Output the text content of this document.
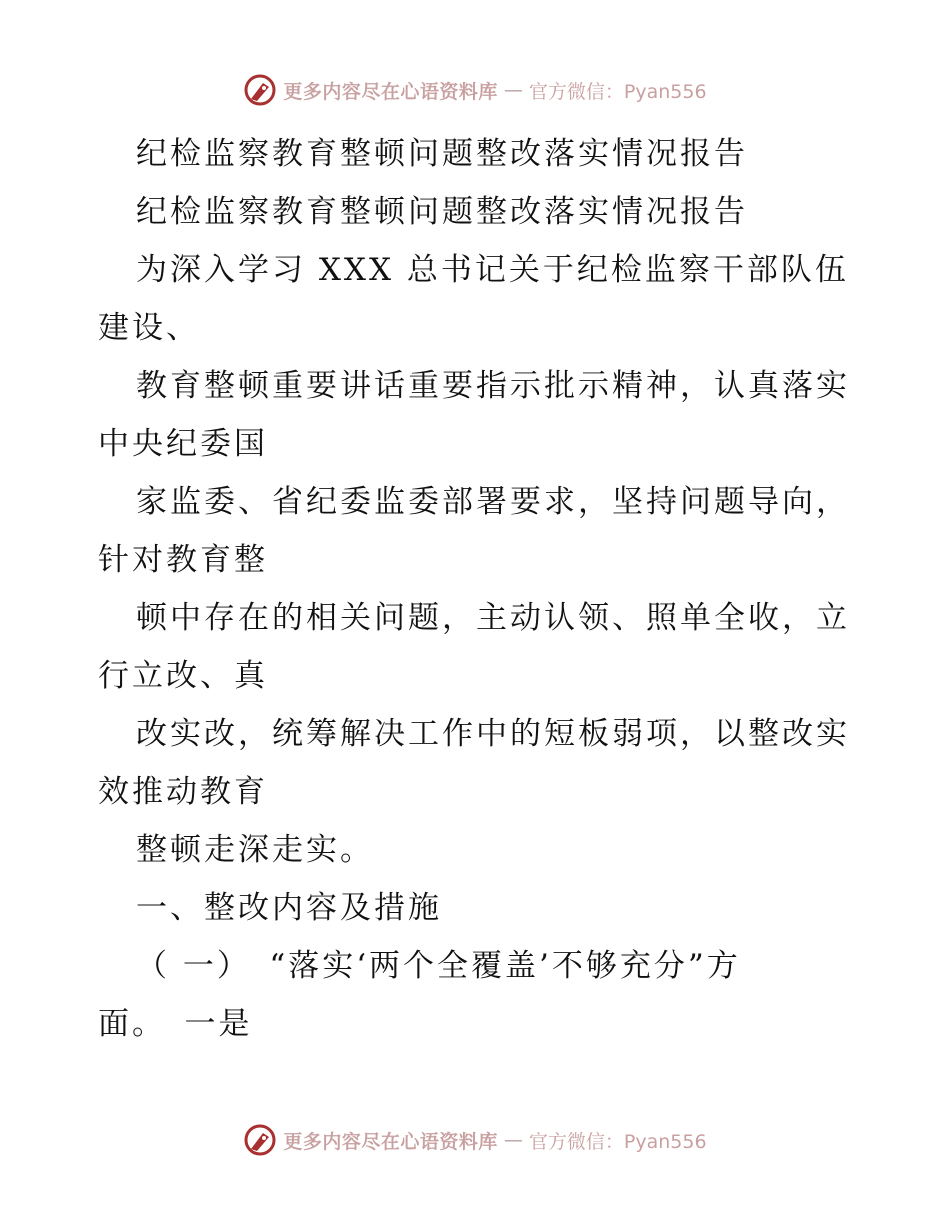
更多内容尽在心语资料库 — 官方微信：Pyan556
纪检监察教育整顿问题整改落实情况报告
纪检监察教育整顿问题整改落实情况报告
为深入学习 XXX 总书记关于纪检监察干部队伍
建设、
教育整顿重要讲话重要指示批示精神，认真落实
中央纪委国
家监委、省纪委监委部署要求，坚持问题导向，
针对教育整
顿中存在的相关问题，主动认领、照单全收，立
行立改、真
改实改，统筹解决工作中的短板弱项，以整改实
效推动教育
整顿走深走实。
一、整改内容及措施
（ 一）　“落实‘两个全覆盖’不够充分”方
面。　一是
更多内容尽在心语资料库 — 官方微信：Pyan556
